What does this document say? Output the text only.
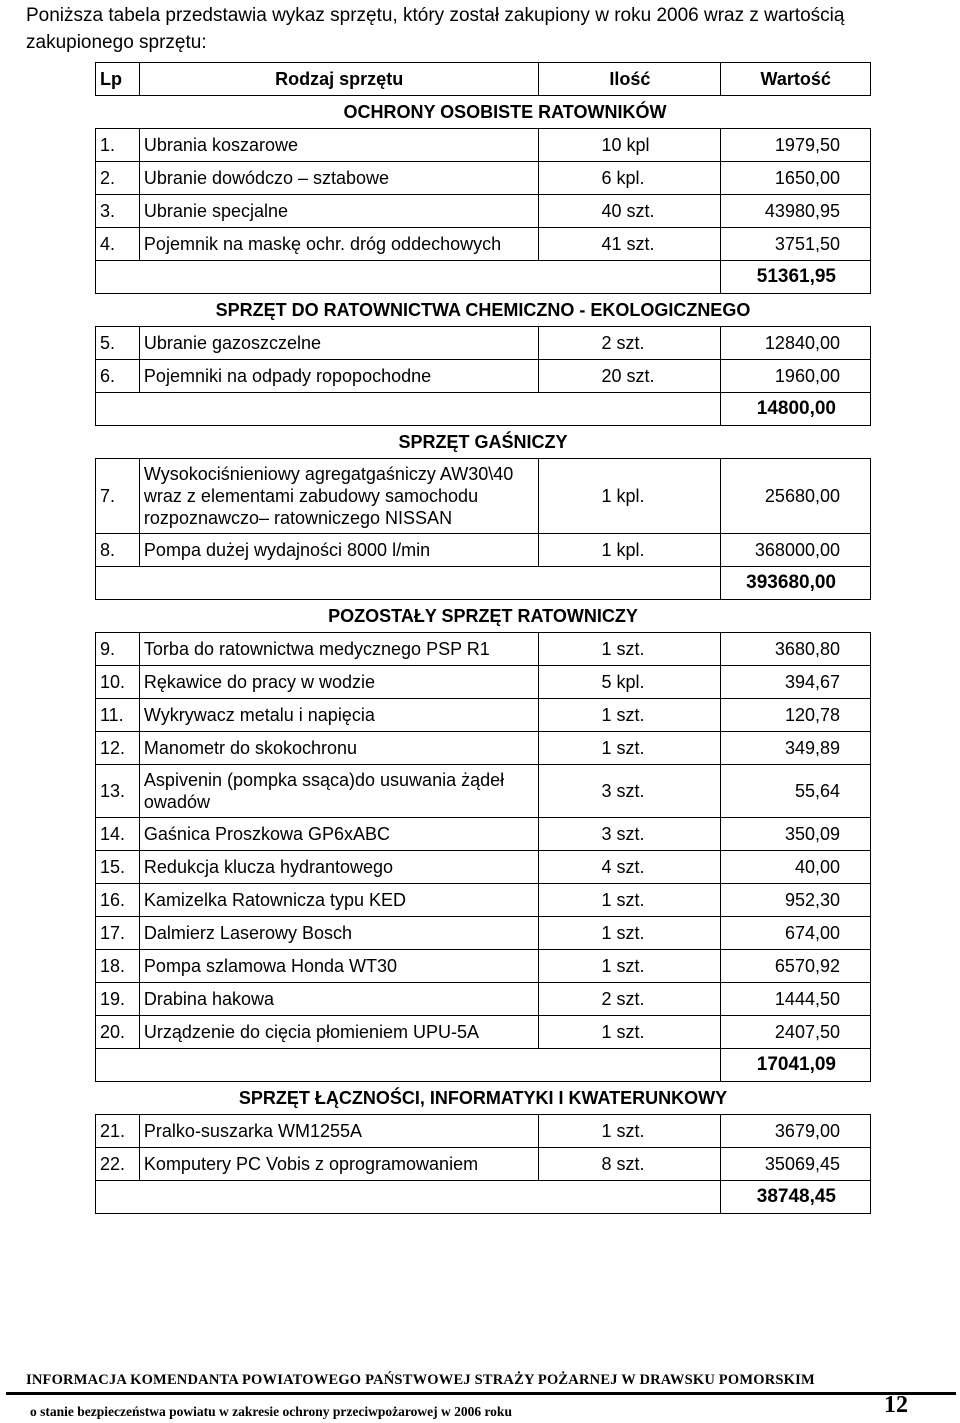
Poniższa tabela przedstawia wykaz sprzętu, który został zakupiony w roku 2006 wraz z wartością zakupionego sprzętu:
Lp	Rodzaj sprzętu	Ilość	Wartość
	OCHRONY OSOBISTE RATOWNIKÓW		
1.	Ubrania koszarowe	10 kpl	1979,50
2.	Ubranie dowódczo – sztabowe	6 kpl.	1650,00
3.	Ubranie specjalne	40 szt.	43980,95
4.	Pojemnik na maskę ochr. dróg oddechowych	41 szt.	3751,50
			51361,95
SPRZĘT DO RATOWNICTWA CHEMICZNO - EKOLOGICZNEGO			
5.	Ubranie gazoszczelne	2 szt.	12840,00
6.	Pojemniki na odpady ropopochodne	20 szt.	1960,00
			14800,00
SPRZĘT GAŚNICZY			
7.	Wysokociśnieniowy agregatgaśniczy AW30\40 wraz z elementami zabudowy samochodu rozpoznawczo– ratowniczego NISSAN	1 kpl.	25680,00
8.	Pompa dużej wydajności 8000 l/min	1 kpl.	368000,00
			393680,00
POZOSTAŁY SPRZĘT RATOWNICZY			
9.	Torba do ratownictwa medycznego PSP R1	1 szt.	3680,80
10.	Rękawice do pracy w wodzie	5 kpl.	394,67
11.	Wykrywacz metalu i napięcia	1 szt.	120,78
12.	Manometr do skokochronu	1 szt.	349,89
13.	Aspivenin (pompka ssąca)do usuwania żądeł owadów	3 szt.	55,64
14.	Gaśnica Proszkowa GP6xABC	3 szt.	350,09
15.	Redukcja klucza hydrantowego	4 szt.	40,00
16.	Kamizelka Ratownicza typu KED	1 szt.	952,30
17.	Dalmierz Laserowy Bosch	1 szt.	674,00
18.	Pompa szlamowa Honda WT30	1 szt.	6570,92
19.	Drabina hakowa	2 szt.	1444,50
20.	Urządzenie do cięcia płomieniem UPU-5A	1 szt.	2407,50
			17041,09
SPRZĘT ŁĄCZNOŚCI, INFORMATYKI I KWATERUNKOWY			
21.	Pralko-suszarka WM1255A	1 szt.	3679,00
22.	Komputery PC Vobis z oprogramowaniem	8 szt.	35069,45
			38748,45
INFORMACJA KOMENDANTA POWIATOWEGO PAŃSTWOWEJ STRAŻY POŻARNEJ W DRAWSKU POMORSKIM
o stanie bezpieczeństwa powiatu w zakresie ochrony przeciwpożarowej w 2006 roku	12
